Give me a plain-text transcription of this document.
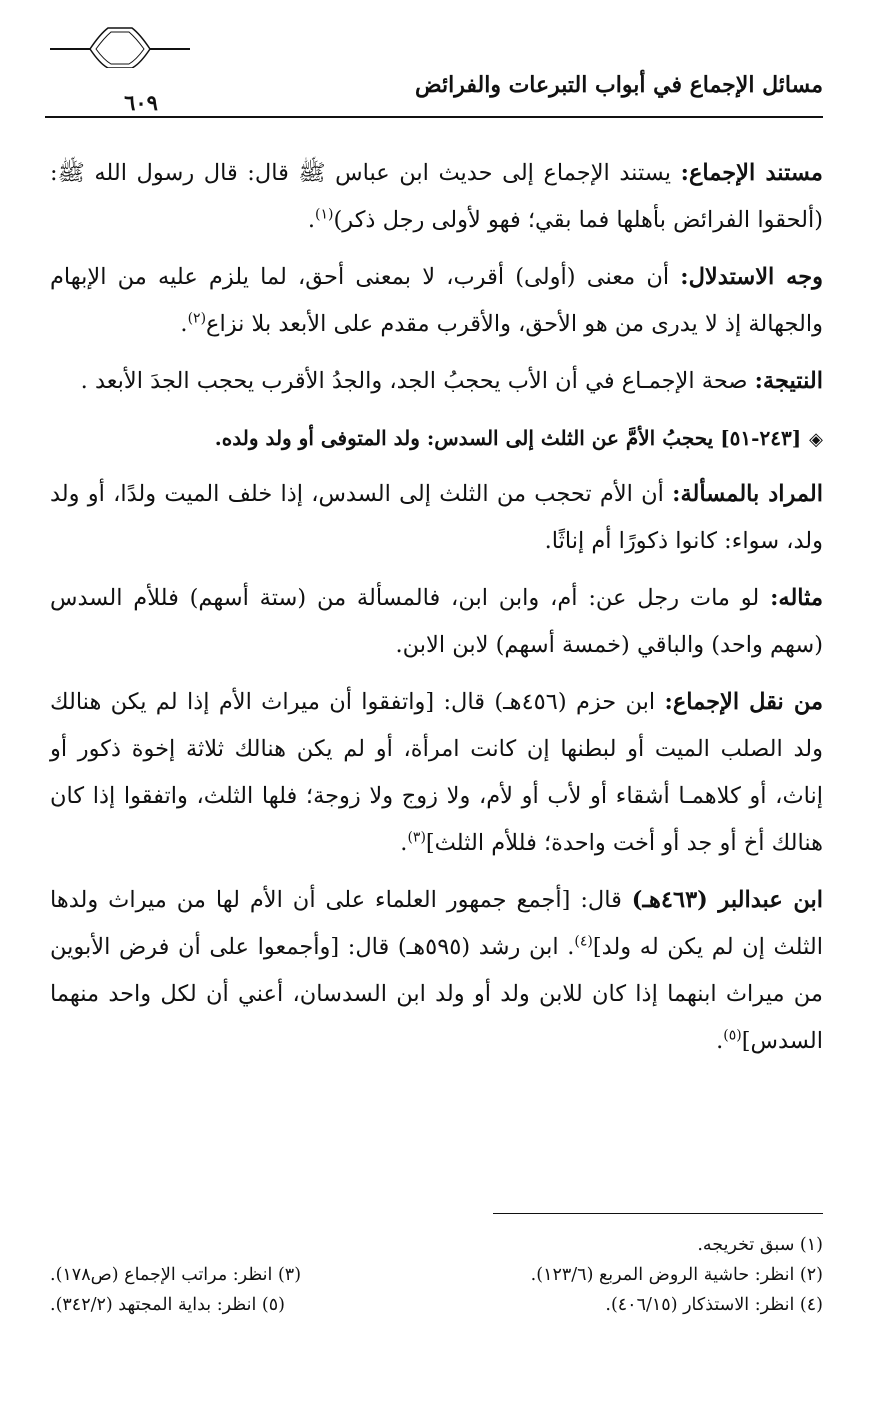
مسائل الإجماع في أبواب التبرعات والفرائض
٦٠٩

مستند الإجماع: يستند الإجماع إلى حديث ابن عباس ﷺ قال: قال رسول الله ﷺ: (ألحقوا الفرائض بأهلها فما بقي؛ فهو لأولى رجل ذكر)$^{(١)}$.

وجه الاستدلال: أن معنى (أولى) أقرب، لا بمعنى أحق، لما يلزم عليه من الإبهام والجهالة إذ لا يدرى من هو الأحق، والأقرب مقدم على الأبعد بلا نزاع$^{(٢)}$.

النتيجة: صحة الإجمـاع في أن الأب يحجبُ الجد، والجدُ الأقرب يحجب الجدَ الأبعد .

◈[٢٤٣-٥١] يحجبُ الأمَّ عن الثلث إلى السدس: ولد المتوفى أو ولد ولده.

المراد بالمسألة: أن الأم تحجب من الثلث إلى السدس، إذا خلف الميت ولدًا، أو ولد ولد، سواء: كانوا ذكورًا أم إناثًا.

مثاله: لو مات رجل عن: أم، وابن ابن، فالمسألة من (ستة أسهم) فللأم السدس (سهم واحد) والباقي (خمسة أسهم) لابن الابن.

من نقل الإجماع: ابن حزم (٤٥٦هـ) قال: [واتفقوا أن ميراث الأم إذا لم يكن هنالك ولد الصلب الميت أو لبطنها إن كانت امرأة، أو لم يكن هنالك ثلاثة إخوة ذكور أو إناث، أو كلاهمـا أشقاء أو لأب أو لأم، ولا زوج ولا زوجة؛ فلها الثلث، واتفقوا إذا كان هنالك أخ أو جد أو أخت واحدة؛ فللأم الثلث]$^{(٣)}$.

ابن عبدالبر (٤٦٣هـ) قال: [أجمع جمهور العلماء على أن الأم لها من ميراث ولدها الثلث إن لم يكن له ولد]$^{(٤)}$. ابن رشد (٥٩٥هـ) قال: [وأجمعوا على أن فرض الأبوين من ميراث ابنهما إذا كان للابن ولد أو ولد ابن السدسان، أعني أن لكل واحد منهما السدس]$^{(٥)}$.

(١) سبق تخريجه.
(٢) انظر: حاشية الروض المربع (١٢٣/٦).
(٣) انظر: مراتب الإجماع (ص١٧٨).
(٤) انظر: الاستذكار (٤٠٦/١٥).
(٥) انظر: بداية المجتهد (٣٤٢/٢).
